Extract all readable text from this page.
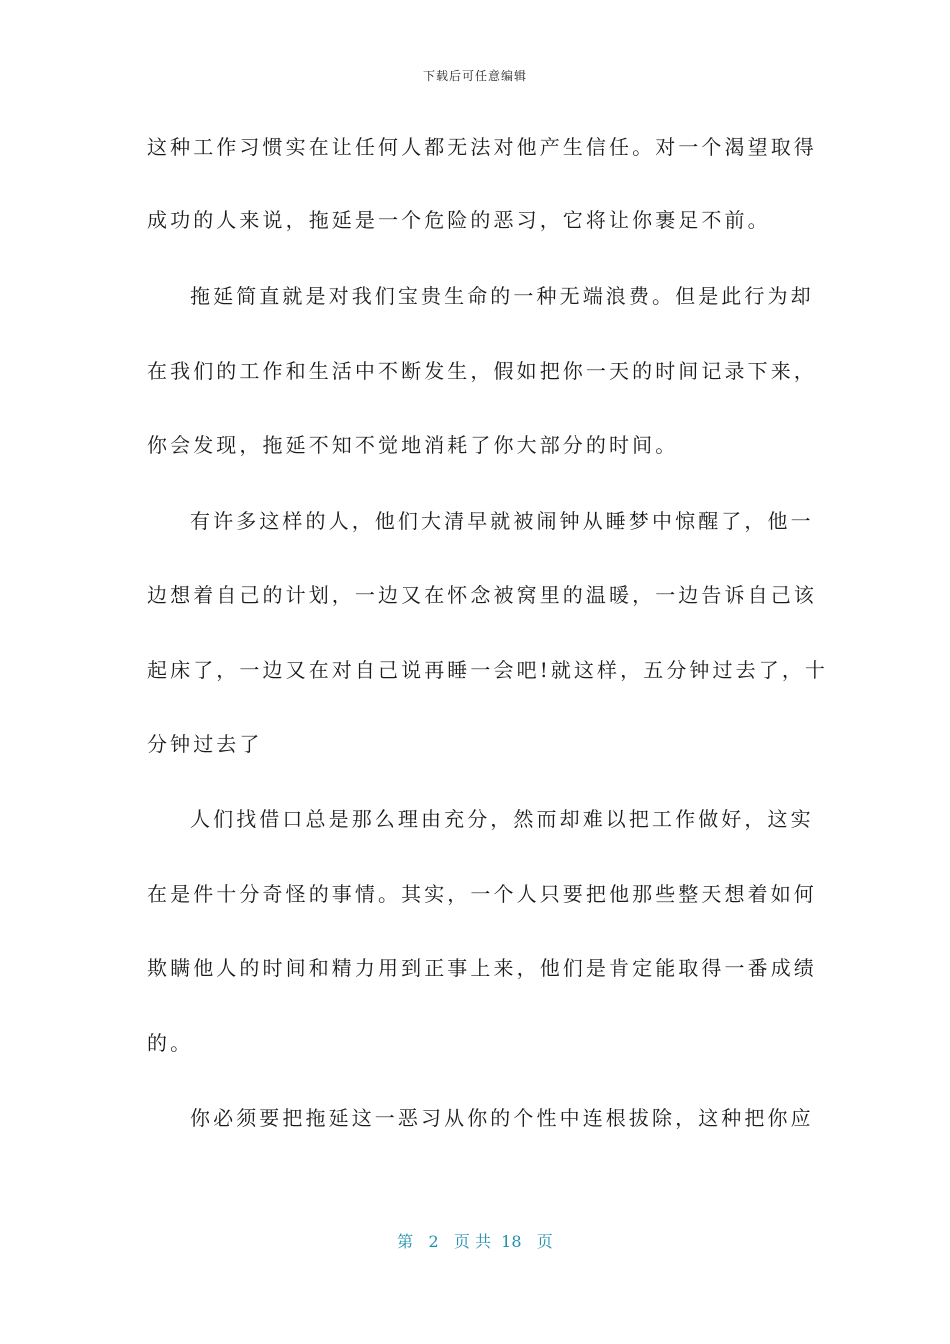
下载后可任意编辑
这种工作习惯实在让任何人都无法对他产生信任。对一个渴望取得
成功的人来说，拖延是一个危险的恶习，它将让你裹足不前。
拖延简直就是对我们宝贵生命的一种无端浪费。但是此行为却
在我们的工作和生活中不断发生，假如把你一天的时间记录下来，
你会发现，拖延不知不觉地消耗了你大部分的时间。
有许多这样的人，他们大清早就被闹钟从睡梦中惊醒了，他一
边想着自己的计划，一边又在怀念被窝里的温暖，一边告诉自己该
起床了，一边又在对自己说再睡一会吧!就这样，五分钟过去了，十
分钟过去了
人们找借口总是那么理由充分，然而却难以把工作做好，这实
在是件十分奇怪的事情。其实，一个人只要把他那些整天想着如何
欺瞒他人的时间和精力用到正事上来，他们是肯定能取得一番成绩
的。
你必须要把拖延这一恶习从你的个性中连根拔除，这种把你应
第 2 页 共 18 页
